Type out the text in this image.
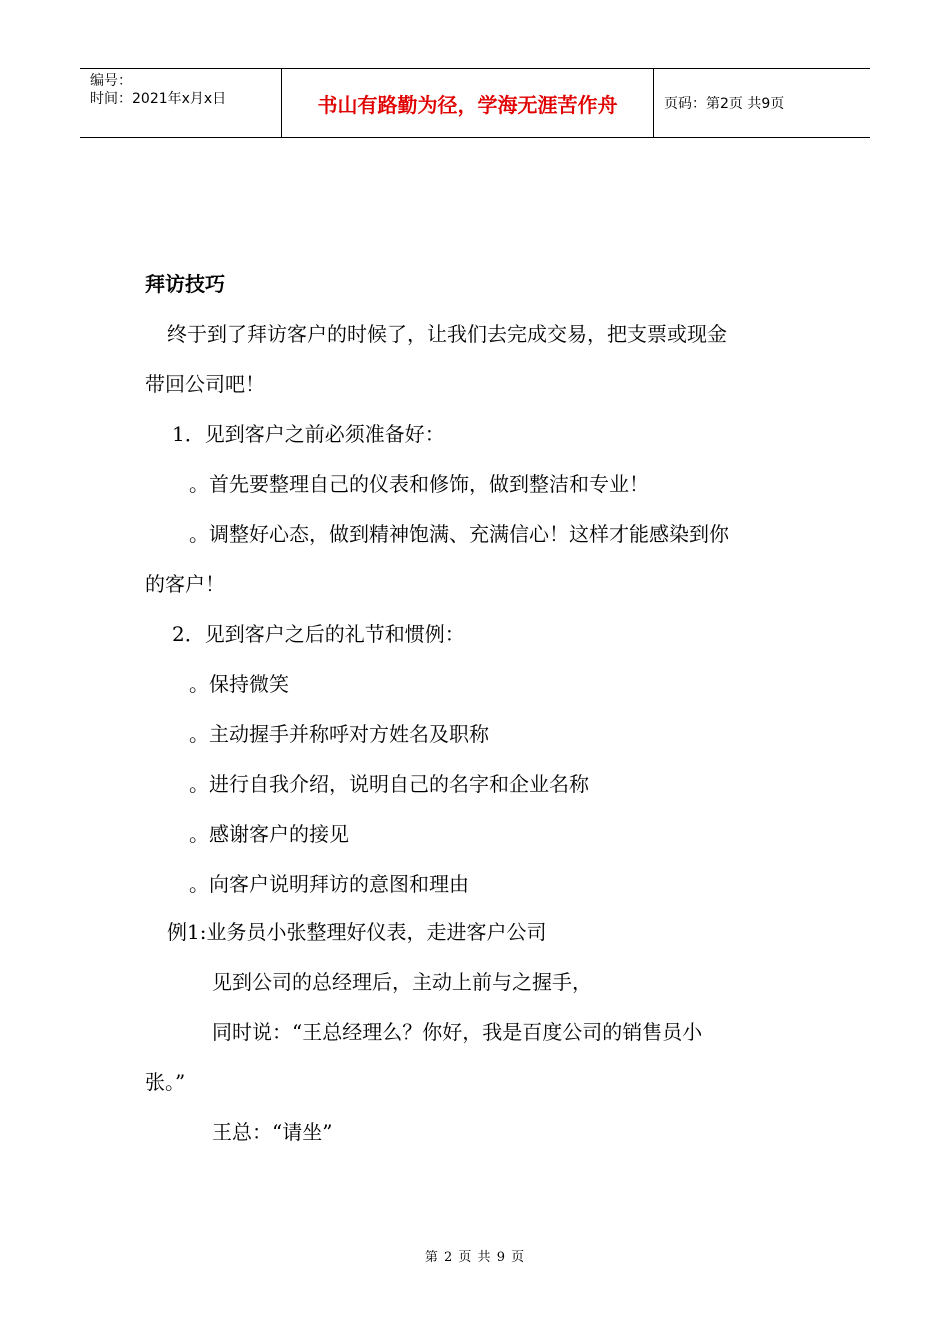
编号：
时间：2021年x月x日	书山有路勤为径，学海无涯苦作舟	页码：第2页 共9页
拜访技巧
终于到了拜访客户的时候了，让我们去完成交易，把支票或现金
带回公司吧！
1．见到客户之前必须准备好：
。首先要整理自己的仪表和修饰，做到整洁和专业！
。调整好心态，做到精神饱满、充满信心！这样才能感染到你
的客户！
2．见到客户之后的礼节和惯例：
。保持微笑
。主动握手并称呼对方姓名及职称
。进行自我介绍，说明自己的名字和企业名称
。感谢客户的接见
。向客户说明拜访的意图和理由
例1:业务员小张整理好仪表，走进客户公司
见到公司的总经理后，主动上前与之握手，
同时说：“王总经理么？你好，我是百度公司的销售员小
张。”
王总：“请坐”
第 2 页 共 9 页
